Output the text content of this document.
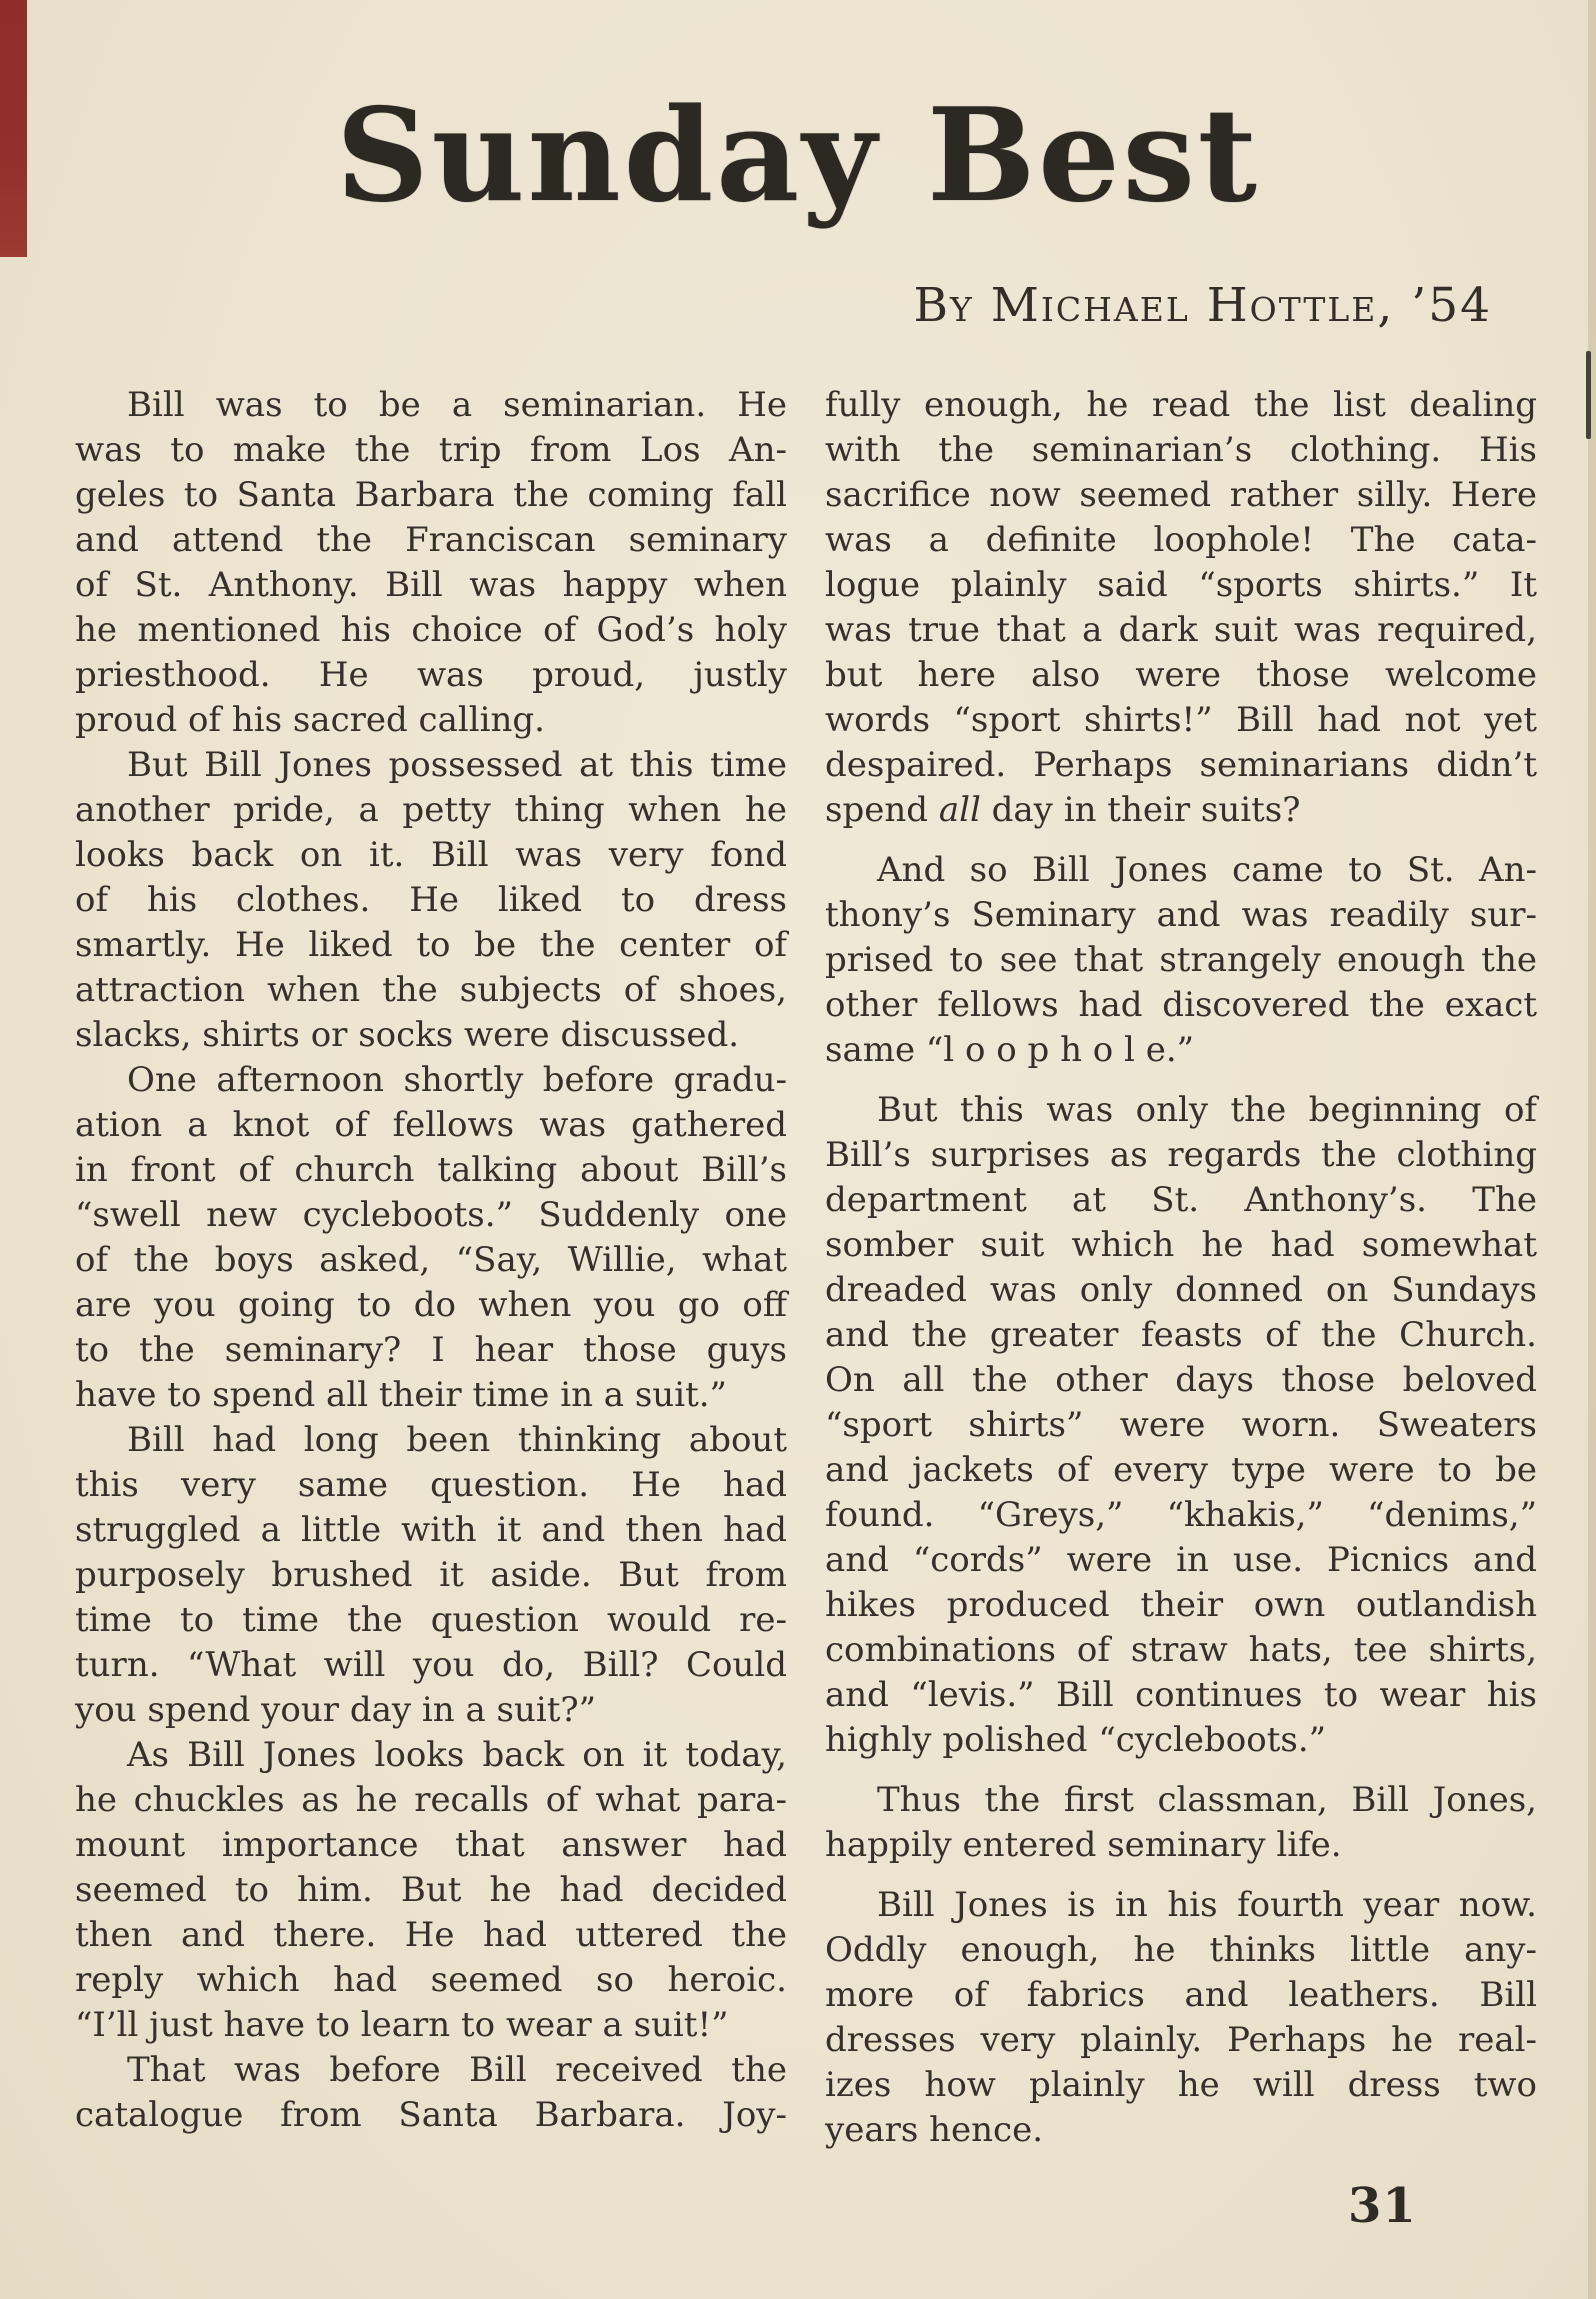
Sunday Best
By Michael Hottle, ’54
Bill was to be a seminarian. He
was to make the trip from Los An-
geles to Santa Barbara the coming fall
and attend the Franciscan seminary
of St. Anthony. Bill was happy when
he mentioned his choice of God’s holy
priesthood. He was proud, justly
proud of his sacred calling.
But Bill Jones possessed at this time
another pride, a petty thing when he
looks back on it. Bill was very fond
of his clothes. He liked to dress
smartly. He liked to be the center of
attraction when the subjects of shoes,
slacks, shirts or socks were discussed.
One afternoon shortly before gradu-
ation a knot of fellows was gathered
in front of church talking about Bill’s
“swell new cycleboots.” Suddenly one
of the boys asked, “Say, Willie, what
are you going to do when you go off
to the seminary? I hear those guys
have to spend all their time in a suit.”
Bill had long been thinking about
this very same question. He had
struggled a little with it and then had
purposely brushed it aside. But from
time to time the question would re-
turn. “What will you do, Bill? Could
you spend your day in a suit?”
As Bill Jones looks back on it today,
he chuckles as he recalls of what para-
mount importance that answer had
seemed to him. But he had decided
then and there. He had uttered the
reply which had seemed so heroic.
“I’ll just have to learn to wear a suit!”
That was before Bill received the
catalogue from Santa Barbara. Joy-
fully enough, he read the list dealing
with the seminarian’s clothing. His
sacrifice now seemed rather silly. Here
was a definite loophole! The cata-
logue plainly said “sports shirts.” It
was true that a dark suit was required,
but here also were those welcome
words “sport shirts!” Bill had not yet
despaired. Perhaps seminarians didn’t
spend all day in their suits?
And so Bill Jones came to St. An-
thony’s Seminary and was readily sur-
prised to see that strangely enough the
other fellows had discovered the exact
same “l o o p h o l e.”
But this was only the beginning of
Bill’s surprises as regards the clothing
department at St. Anthony’s. The
somber suit which he had somewhat
dreaded was only donned on Sundays
and the greater feasts of the Church.
On all the other days those beloved
“sport shirts” were worn. Sweaters
and jackets of every type were to be
found. “Greys,” “khakis,” “denims,”
and “cords” were in use. Picnics and
hikes produced their own outlandish
combinations of straw hats, tee shirts,
and “levis.” Bill continues to wear his
highly polished “cycleboots.”
Thus the first classman, Bill Jones,
happily entered seminary life.
Bill Jones is in his fourth year now.
Oddly enough, he thinks little any-
more of fabrics and leathers. Bill
dresses very plainly. Perhaps he real-
izes how plainly he will dress two
years hence.
31
